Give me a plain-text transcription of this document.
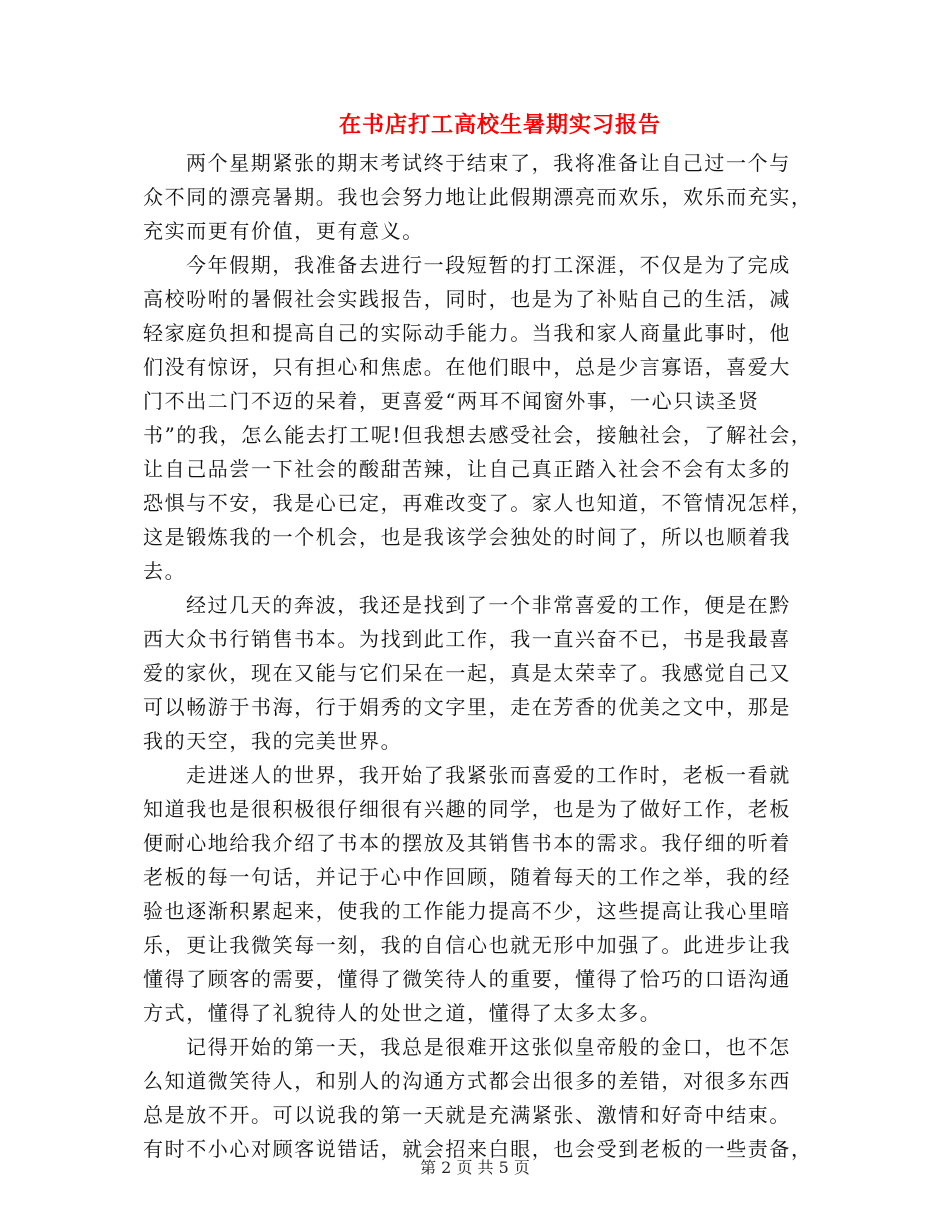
在书店打工高校生暑期实习报告
两个星期紧张的期末考试终于结束了，我将准备让自己过一个与
众不同的漂亮暑期。我也会努力地让此假期漂亮而欢乐，欢乐而充实，
充实而更有价值，更有意义。
今年假期，我准备去进行一段短暂的打工深涯，不仅是为了完成
高校吩咐的暑假社会实践报告，同时，也是为了补贴自己的生活，减
轻家庭负担和提高自己的实际动手能力。当我和家人商量此事时，他
们没有惊讶，只有担心和焦虑。在他们眼中，总是少言寡语，喜爱大
门不出二门不迈的呆着，更喜爱“两耳不闻窗外事，一心只读圣贤
书”的我，怎么能去打工呢!但我想去感受社会，接触社会，了解社会，
让自己品尝一下社会的酸甜苦辣，让自己真正踏入社会不会有太多的
恐惧与不安，我是心已定，再难改变了。家人也知道，不管情况怎样，
这是锻炼我的一个机会，也是我该学会独处的时间了，所以也顺着我
去。
经过几天的奔波，我还是找到了一个非常喜爱的工作，便是在黔
西大众书行销售书本。为找到此工作，我一直兴奋不已，书是我最喜
爱的家伙，现在又能与它们呆在一起，真是太荣幸了。我感觉自己又
可以畅游于书海，行于娟秀的文字里，走在芳香的优美之文中，那是
我的天空，我的完美世界。
走进迷人的世界，我开始了我紧张而喜爱的工作时，老板一看就
知道我也是很积极很仔细很有兴趣的同学，也是为了做好工作，老板
便耐心地给我介绍了书本的摆放及其销售书本的需求。我仔细的听着
老板的每一句话，并记于心中作回顾，随着每天的工作之举，我的经
验也逐渐积累起来，使我的工作能力提高不少，这些提高让我心里暗
乐，更让我微笑每一刻，我的自信心也就无形中加强了。此进步让我
懂得了顾客的需要，懂得了微笑待人的重要，懂得了恰巧的口语沟通
方式，懂得了礼貌待人的处世之道，懂得了太多太多。
记得开始的第一天，我总是很难开这张似皇帝般的金口，也不怎
么知道微笑待人，和别人的沟通方式都会出很多的差错，对很多东西
总是放不开。可以说我的第一天就是充满紧张、激情和好奇中结束。
有时不小心对顾客说错话，就会招来白眼，也会受到老板的一些责备，
第 2 页 共 5 页
